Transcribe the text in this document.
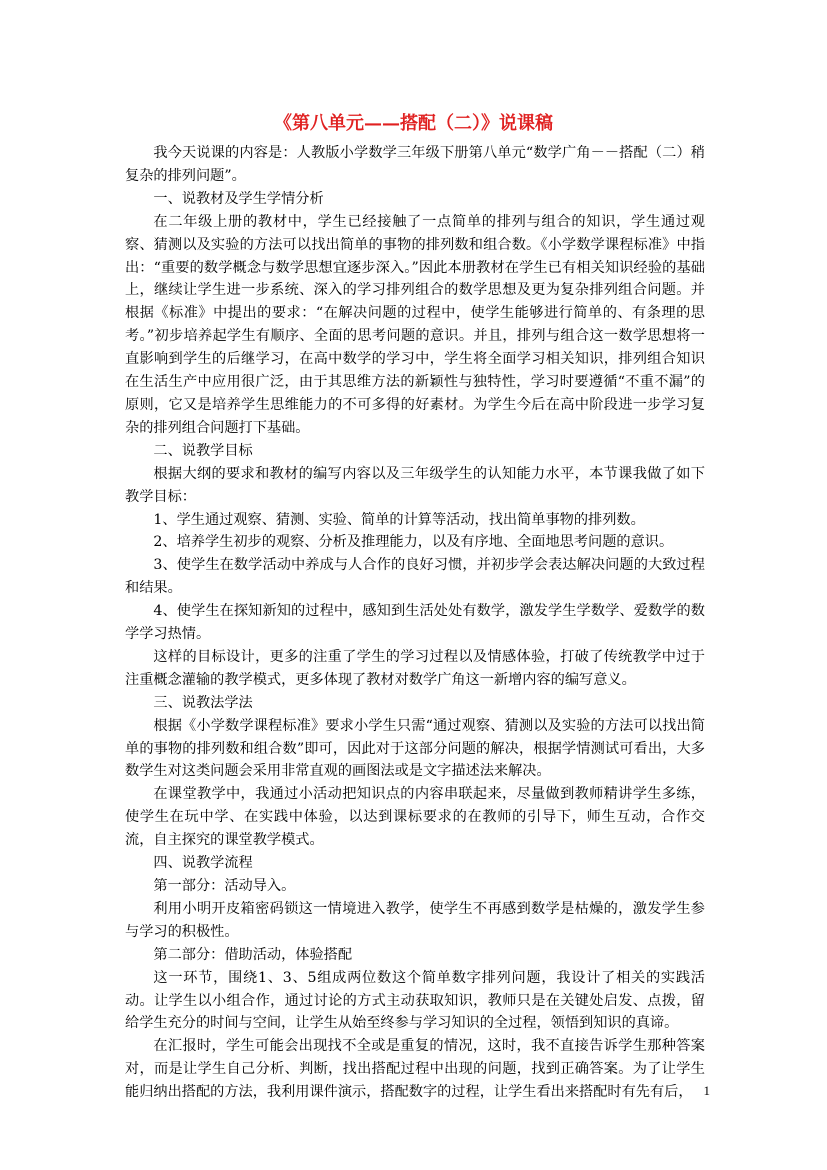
《第八单元——搭配（二）》说课稿

我今天说课的内容是：人教版小学数学三年级下册第八单元“数学广角－－搭配（二）稍复杂的排列问题”。

一、说教材及学生学情分析

在二年级上册的教材中，学生已经接触了一点简单的排列与组合的知识，学生通过观察、猜测以及实验的方法可以找出简单的事物的排列数和组合数。《小学数学课程标准》中指出：“重要的数学概念与数学思想宜逐步深入。”因此本册教材在学生已有相关知识经验的基础上，继续让学生进一步系统、深入的学习排列组合的数学思想及更为复杂排列组合问题。并根据《标准》中提出的要求：“在解决问题的过程中，使学生能够进行简单的、有条理的思考。”初步培养起学生有顺序、全面的思考问题的意识。并且，排列与组合这一数学思想将一直影响到学生的后继学习，在高中数学的学习中，学生将全面学习相关知识，排列组合知识在生活生产中应用很广泛，由于其思维方法的新颖性与独特性，学习时要遵循“不重不漏”的原则，它又是培养学生思维能力的不可多得的好素材。为学生今后在高中阶段进一步学习复杂的排列组合问题打下基础。

二、说教学目标

根据大纲的要求和教材的编写内容以及三年级学生的认知能力水平，本节课我做了如下教学目标：

1、学生通过观察、猜测、实验、简单的计算等活动，找出简单事物的排列数。

2、培养学生初步的观察、分析及推理能力，以及有序地、全面地思考问题的意识。

3、使学生在数学活动中养成与人合作的良好习惯，并初步学会表达解决问题的大致过程和结果。

4、使学生在探知新知的过程中，感知到生活处处有数学，激发学生学数学、爱数学的数学学习热情。

这样的目标设计，更多的注重了学生的学习过程以及情感体验，打破了传统教学中过于注重概念灌输的教学模式，更多体现了教材对数学广角这一新增内容的编写意义。

三、说教法学法

根据《小学数学课程标准》要求小学生只需“通过观察、猜测以及实验的方法可以找出简单的事物的排列数和组合数”即可，因此对于这部分问题的解决，根据学情测试可看出，大多数学生对这类问题会采用非常直观的画图法或是文字描述法来解决。

在课堂教学中，我通过小活动把知识点的内容串联起来，尽量做到教师精讲学生多练，使学生在玩中学、在实践中体验，以达到课标要求的在教师的引导下，师生互动，合作交流，自主探究的课堂教学模式。

四、说教学流程

第一部分：活动导入。

利用小明开皮箱密码锁这一情境进入教学，使学生不再感到数学是枯燥的，激发学生参与学习的积极性。

第二部分：借助活动，体验搭配

这一环节，围绕1、3、5组成两位数这个简单数字排列问题，我设计了相关的实践活动。让学生以小组合作，通过讨论的方式主动获取知识，教师只是在关键处启发、点拨，留给学生充分的时间与空间，让学生从始至终参与学习知识的全过程，领悟到知识的真谛。

在汇报时，学生可能会出现找不全或是重复的情况，这时，我不直接告诉学生那种答案对，而是让学生自己分析、判断，找出搭配过程中出现的问题，找到正确答案。为了让学生能归纳出搭配的方法，我利用课件演示，搭配数字的过程，让学生看出来搭配时有先有后， 1
